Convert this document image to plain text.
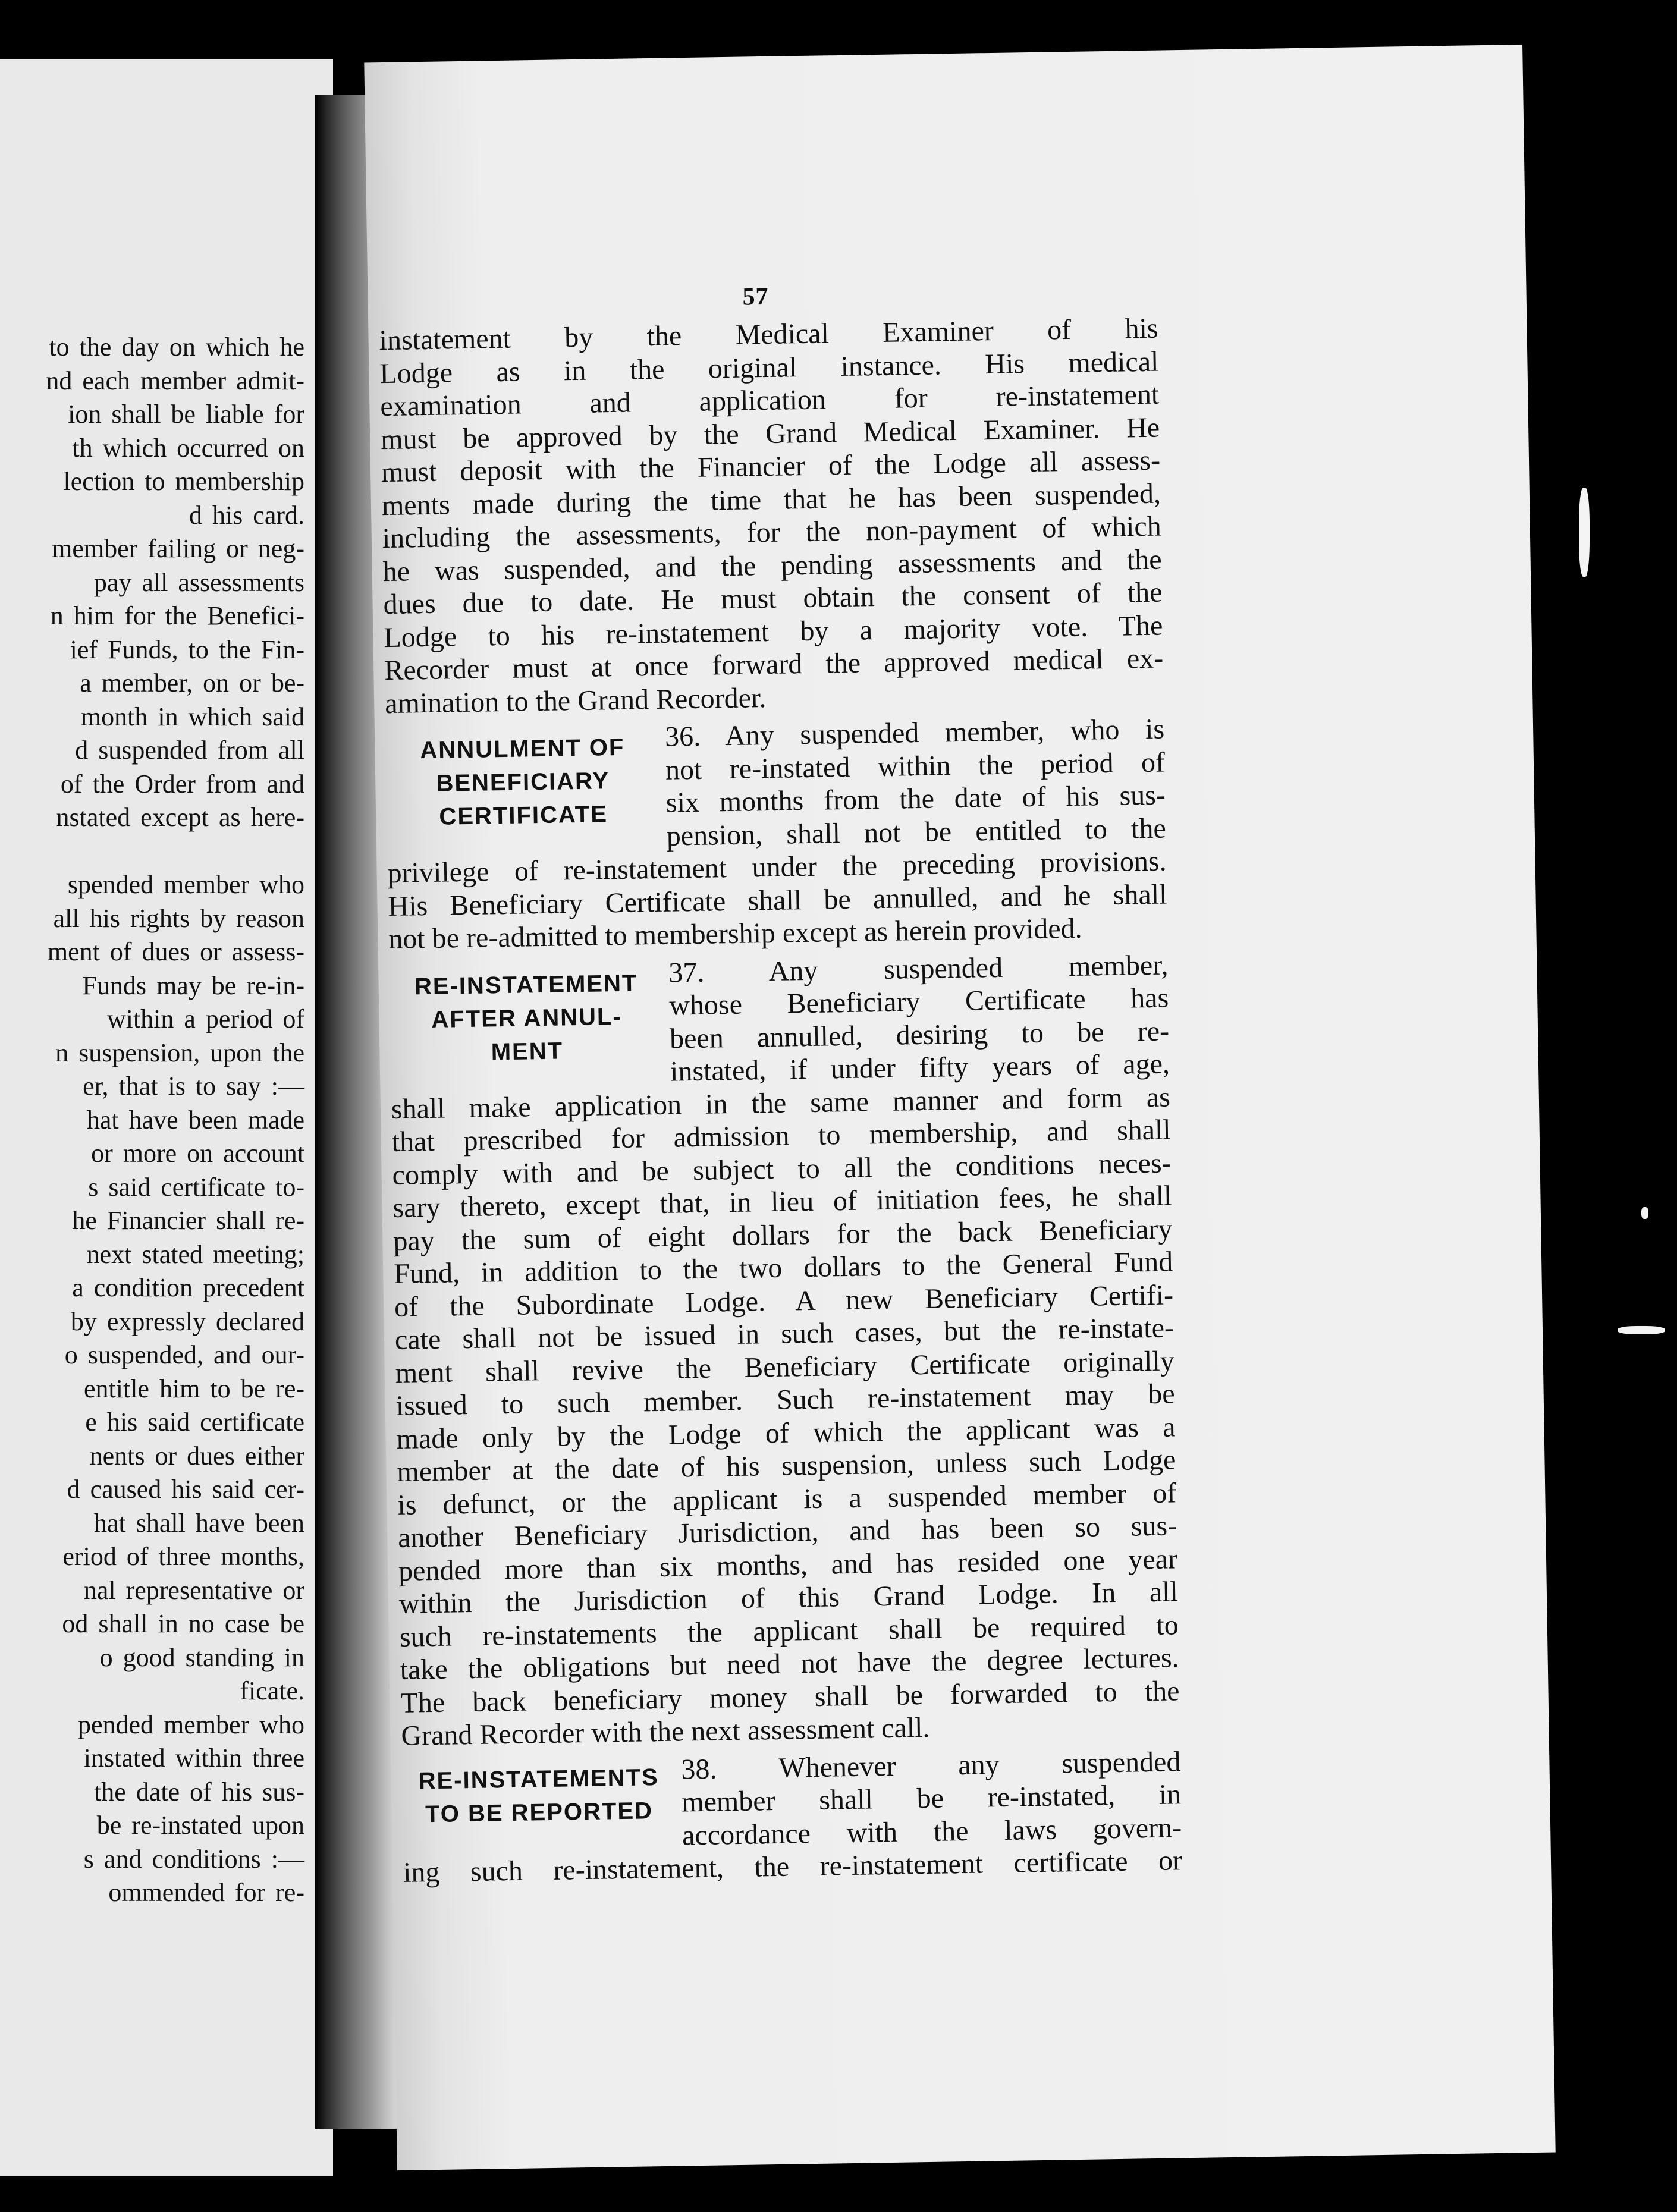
to the day on which he
nd each member admit-
ion shall be liable for
th which occurred on
lection to membership
d his card.
member failing or neg-
pay all assessments
n him for the Benefici-
ief Funds, to the Fin-
a member, on or be-
month in which said
d suspended from all
of the Order from and
nstated except as here-
spended member who
all his rights by reason
ment of dues or assess-
Funds may be re-in-
within a period of
n suspension, upon the
er, that is to say :—
hat have been made
or more on account
s said certificate to-
he Financier shall re-
next stated meeting;
a condition precedent
by expressly declared
o suspended, and our-
entitle him to be re-
e his said certificate
nents or dues either
d caused his said cer-
hat shall have been
eriod of three months,
nal representative or
od shall in no case be
o good standing in
ficate.
pended member who
instated within three
the date of his sus-
be re-instated upon
s and conditions :—
ommended for re-
57
instatement by the Medical Examiner of his
Lodge as in the original instance. His medical
examination and application for re-instatement
must be approved by the Grand Medical Examiner. He
must deposit with the Financier of the Lodge all assess-
ments made during the time that he has been suspended,
including the assessments, for the non-payment of which
he was suspended, and the pending assessments and the
dues due to date. He must obtain the consent of the
Lodge to his re-instatement by a majority vote. The
Recorder must at once forward the approved medical ex-
amination to the Grand Recorder.
ANNULMENT OF
BENEFICIARY
CERTIFICATE
36. Any suspended member, who is
not re-instated within the period of
six months from the date of his sus-
pension, shall not be entitled to the
privilege of re-instatement under the preceding provisions.
His Beneficiary Certificate shall be annulled, and he shall
not be re-admitted to membership except as herein provided.
RE-INSTATEMENT
AFTER ANNUL-
MENT
37. Any suspended member,
whose Beneficiary Certificate has
been annulled, desiring to be re-
instated, if under fifty years of age,
shall make application in the same manner and form as
that prescribed for admission to membership, and shall
comply with and be subject to all the conditions neces-
sary thereto, except that, in lieu of initiation fees, he shall
pay the sum of eight dollars for the back Beneficiary
Fund, in addition to the two dollars to the General Fund
of the Subordinate Lodge. A new Beneficiary Certifi-
cate shall not be issued in such cases, but the re-instate-
ment shall revive the Beneficiary Certificate originally
issued to such member. Such re-instatement may be
made only by the Lodge of which the applicant was a
member at the date of his suspension, unless such Lodge
is defunct, or the applicant is a suspended member of
another Beneficiary Jurisdiction, and has been so sus-
pended more than six months, and has resided one year
within the Jurisdiction of this Grand Lodge. In all
such re-instatements the applicant shall be required to
take the obligations but need not have the degree lectures.
The back beneficiary money shall be forwarded to the
Grand Recorder with the next assessment call.
RE-INSTATEMENTS
TO BE REPORTED
38. Whenever any suspended
member shall be re-instated, in
accordance with the laws govern-
ing such re-instatement, the re-instatement certificate or
